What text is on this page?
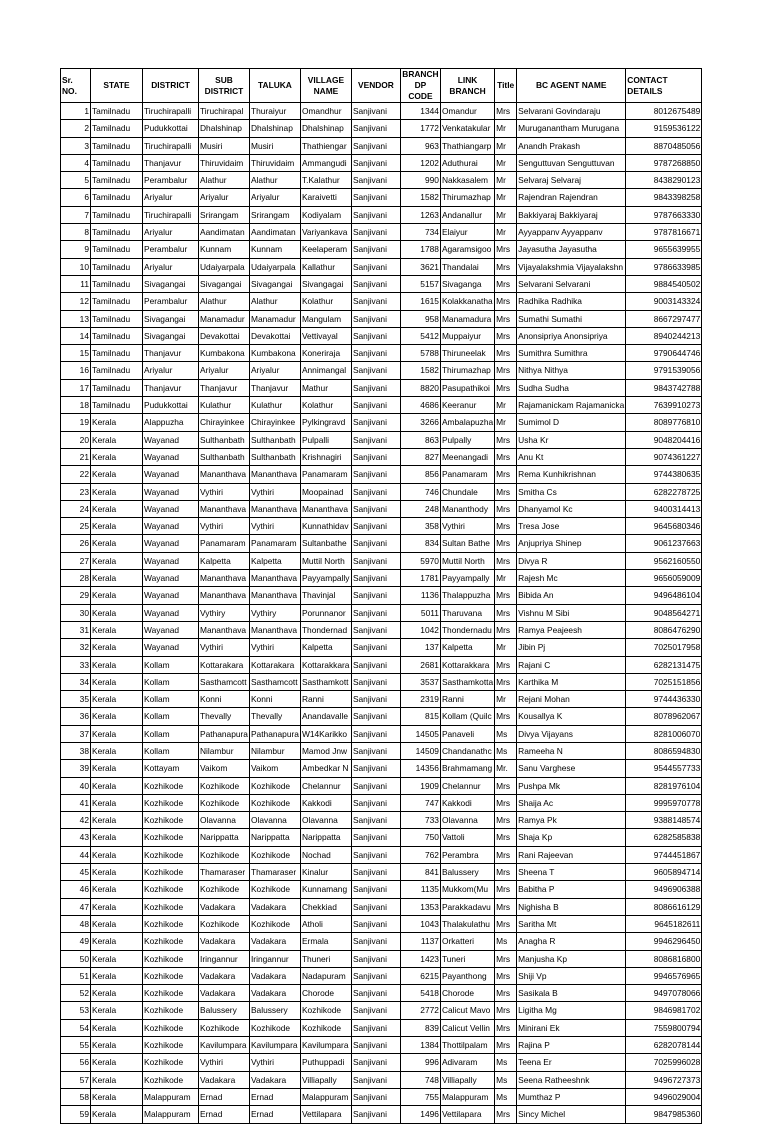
Sr. NO.	STATE	DISTRICT	SUB DISTRICT	TALUKA	VILLAGE NAME	VENDOR	BRANCH DP CODE	LINK BRANCH	Title	BC AGENT NAME	CONTACT DETAILS
1	Tamilnadu	Tiruchirapalli	Tiruchirapal	Thuraiyur	Omandhur	Sanjivani	1344	Omandur	Mrs	Selvarani Govindaraju	8012675489
2	Tamilnadu	Pudukkottai	Dhalshinap	Dhalshinap	Dhalshinap	Sanjivani	1772	Venkatakular	Mr	Muruganantham Murugana	9159536122
3	Tamilnadu	Tiruchirapalli	Musiri	Musiri	Thathiengar	Sanjivani	963	Thathiangarp	Mr	Anandh Prakash	8870485056
4	Tamilnadu	Thanjavur	Thiruvidaim	Thiruvidaim	Ammangudi	Sanjivani	1202	Aduthurai	Mr	Senguttuvan Senguttuvan	9787268850
5	Tamilnadu	Perambalur	Alathur	Alathur	T.Kalathur	Sanjivani	990	Nakkasalem	Mr	Selvaraj Selvaraj	8438290123
6	Tamilnadu	Ariyalur	Ariyalur	Ariyalur	Karaivetti	Sanjivani	1582	Thirumazhap	Mr	Rajendran Rajendran	9843398258
7	Tamilnadu	Tiruchirapalli	Srirangam	Srirangam	Kodiyalam	Sanjivani	1263	Andanallur	Mr	Bakkiyaraj Bakkiyaraj	9787663330
8	Tamilnadu	Ariyalur	Aandimatan	Aandimatan	Variyankava	Sanjivani	734	Elaiyur	Mr	Ayyappanv Ayyappanv	9787816671
9	Tamilnadu	Perambalur	Kunnam	Kunnam	Keelaperam	Sanjivani	1788	Agaramsigoo	Mrs	Jayasutha Jayasutha	9655639955
10	Tamilnadu	Ariyalur	Udaiyarpala	Udaiyarpala	Kallathur	Sanjivani	3621	Thandalai	Mrs	Vijayalakshmia Vijayalakshn	9786633985
11	Tamilnadu	Sivagangai	Sivagangai	Sivagangai	Sivangagai	Sanjivani	5157	Sivaganga	Mrs	Selvarani Selvarani	9884540502
12	Tamilnadu	Perambalur	Alathur	Alathur	Kolathur	Sanjivani	1615	Kolakkanatha	Mrs	Radhika Radhika	9003143324
13	Tamilnadu	Sivagangai	Manamadur	Manamadur	Mangulam	Sanjivani	958	Manamadura	Mrs	Sumathi Sumathi	8667297477
14	Tamilnadu	Sivagangai	Devakottai	Devakottai	Vettivayal	Sanjivani	5412	Muppaiyur	Mrs	Anonsipriya Anonsipriya	8940244213
15	Tamilnadu	Thanjavur	Kumbakona	Kumbakona	Koneriraja	Sanjivani	5788	Thiruneelak	Mrs	Sumithra Sumithra	9790644746
16	Tamilnadu	Ariyalur	Ariyalur	Ariyalur	Annimangal	Sanjivani	1582	Thirumazhap	Mrs	Nithya Nithya	9791539056
17	Tamilnadu	Thanjavur	Thanjavur	Thanjavur	Mathur	Sanjivani	8820	Pasupathikoi	Mrs	Sudha Sudha	9843742788
18	Tamilnadu	Pudukkottai	Kulathur	Kulathur	Kolathur	Sanjivani	4686	Keeranur	Mr	Rajamanickam Rajamanicka	7639910273
19	Kerala	Alappuzha	Chirayinkee	Chirayinkee	Pylkingravd	Sanjivani	3266	Ambalapuzha	Mr	Sumimol D	8089776810
20	Kerala	Wayanad	Sulthanbath	Sulthanbath	Pulpalli	Sanjivani	863	Pulpally	Mrs	Usha Kr	9048204416
21	Kerala	Wayanad	Sulthanbath	Sulthanbath	Krishnagiri	Sanjivani	827	Meenangadi	Mrs	Anu Kt	9074361227
22	Kerala	Wayanad	Mananthava	Mananthava	Panamaram	Sanjivani	856	Panamaram	Mrs	Rema Kunhikrishnan	9744380635
23	Kerala	Wayanad	Vythiri	Vythiri	Moopainad	Sanjivani	746	Chundale	Mrs	Smitha Cs	6282278725
24	Kerala	Wayanad	Mananthava	Mananthava	Mananthava	Sanjivani	248	Mananthody	Mrs	Dhanyamol Kc	9400314413
25	Kerala	Wayanad	Vythiri	Vythiri	Kunnathidav	Sanjivani	358	Vythiri	Mrs	Tresa Jose	9645680346
26	Kerala	Wayanad	Panamaram	Panamaram	Sultanbathe	Sanjivani	834	Sultan Bathe	Mrs	Anjupriya Shinep	9061237663
27	Kerala	Wayanad	Kalpetta	Kalpetta	Muttil North	Sanjivani	5970	Muttil North	Mrs	Divya R	9562160550
28	Kerala	Wayanad	Mananthava	Mananthava	Payyampally	Sanjivani	1781	Payyampally	Mr	Rajesh Mc	9656059009
29	Kerala	Wayanad	Mananthava	Mananthava	Thavinjal	Sanjivani	1136	Thalappuzha	Mrs	Bibida An	9496486104
30	Kerala	Wayanad	Vythiry	Vythiry	Porunnanor	Sanjivani	5011	Tharuvana	Mrs	Vishnu M Sibi	9048564271
31	Kerala	Wayanad	Mananthava	Mananthava	Thondernad	Sanjivani	1042	Thondernadu	Mrs	Ramya Peajeesh	8086476290
32	Kerala	Wayanad	Vythiri	Vythiri	Kalpetta	Sanjivani	137	Kalpetta	Mr	Jibin Pj	7025017958
33	Kerala	Kollam	Kottarakara	Kottarakara	Kottarakkara	Sanjivani	2681	Kottarakkara	Mrs	Rajani C	6282131475
34	Kerala	Kollam	Sasthamcott	Sasthamcott	Sasthamkott	Sanjivani	3537	Sasthamkotta	Mrs	Karthika M	7025151856
35	Kerala	Kollam	Konni	Konni	Ranni	Sanjivani	2319	Ranni	Mr	Rejani Mohan	9744436330
36	Kerala	Kollam	Thevally	Thevally	Anandavalle	Sanjivani	815	Kollam (Quilc	Mrs	Kousallya K	8078962067
37	Kerala	Kollam	Pathanapura	Pathanapura	W14Karikko	Sanjivani	14505	Panaveli	Ms	Divya Vijayans	8281006070
38	Kerala	Kollam	Nilambur	Nilambur	Mamod Jnw	Sanjivani	14509	Chandanathc	Ms	Rameeha N	8086594830
39	Kerala	Kottayam	Vaikom	Vaikom	Ambedkar N	Sanjivani	14356	Brahmamang	Mr.	Sanu Varghese	9544557733
40	Kerala	Kozhikode	Kozhikode	Kozhikode	Chelannur	Sanjivani	1909	Chelannur	Mrs	Pushpa Mk	8281976104
41	Kerala	Kozhikode	Kozhikode	Kozhikode	Kakkodi	Sanjivani	747	Kakkodi	Mrs	Shaija Ac	9995970778
42	Kerala	Kozhikode	Olavanna	Olavanna	Olavanna	Sanjivani	733	Olavanna	Mrs	Ramya Pk	9388148574
43	Kerala	Kozhikode	Narippatta	Narippatta	Narippatta	Sanjivani	750	Vattoli	Mrs	Shaja Kp	6282585838
44	Kerala	Kozhikode	Kozhikode	Kozhikode	Nochad	Sanjivani	762	Perambra	Mrs	Rani Rajeevan	9744451867
45	Kerala	Kozhikode	Thamaraser	Thamaraser	Kinalur	Sanjivani	841	Balussery	Mrs	Sheena T	9605894714
46	Kerala	Kozhikode	Kozhikode	Kozhikode	Kunnamang	Sanjivani	1135	Mukkom(Mu	Mrs	Babitha P	9496906388
47	Kerala	Kozhikode	Vadakara	Vadakara	Chekkiad	Sanjivani	1353	Parakkadavu	Mrs	Nighisha B	8086616129
48	Kerala	Kozhikode	Kozhikode	Kozhikode	Atholi	Sanjivani	1043	Thalakulathu	Mrs	Saritha Mt	9645182611
49	Kerala	Kozhikode	Vadakara	Vadakara	Ermala	Sanjivani	1137	Orkatteri	Ms	Anagha R	9946296450
50	Kerala	Kozhikode	Iringannur	Iringannur	Thuneri	Sanjivani	1423	Tuneri	Mrs	Manjusha Kp	8086816800
51	Kerala	Kozhikode	Vadakara	Vadakara	Nadapuram	Sanjivani	6215	Payanthong	Mrs	Shiji Vp	9946576965
52	Kerala	Kozhikode	Vadakara	Vadakara	Chorode	Sanjivani	5418	Chorode	Mrs	Sasikala B	9497078066
53	Kerala	Kozhikode	Balussery	Balussery	Kozhikode	Sanjivani	2772	Calicut Mavo	Mrs	Ligitha Mg	9846981702
54	Kerala	Kozhikode	Kozhikode	Kozhikode	Kozhikode	Sanjivani	839	Calicut Vellin	Mrs	Minirani Ek	7559800794
55	Kerala	Kozhikode	Kavilumpara	Kavilumpara	Kavilumpara	Sanjivani	1384	Thottilpalam	Mrs	Rajina P	6282078144
56	Kerala	Kozhikode	Vythiri	Vythiri	Puthuppadi	Sanjivani	996	Adivaram	Ms	Teena Er	7025996028
57	Kerala	Kozhikode	Vadakara	Vadakara	Villiapally	Sanjivani	748	Villiapally	Ms	Seena Ratheeshnk	9496727373
58	Kerala	Malappuram	Ernad	Ernad	Malappuram	Sanjivani	755	Malappuram	Ms	Mumthaz P	9496029004
59	Kerala	Malappuram	Ernad	Ernad	Vettilapara	Sanjivani	1496	Vettilapara	Mrs	Sincy Michel	9847985360
